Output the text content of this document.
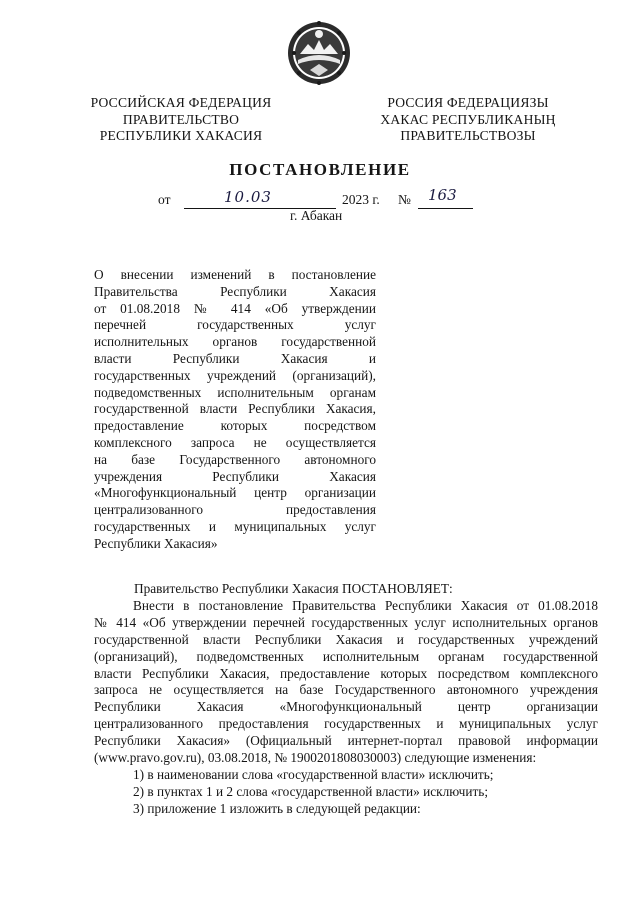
РОССИЙСКАЯ ФЕДЕРАЦИЯ
ПРАВИТЕЛЬСТВО
РЕСПУБЛИКИ ХАКАСИЯ
РОССИЯ ФЕДЕРАЦИЯЗЫ
ХАКАС РЕСПУБЛИКАНЫҢ
ПРАВИТЕЛЬСТВОЗЫ
ПОСТАНОВЛЕНИЕ
от	10.03	2023 г. № 163
г. Абакан
О внесении изменений в постановление
Правительства Республики Хакасия
от 01.08.2018 № 414 «Об утверждении
перечней государственных услуг
исполнительных органов государственной
власти Республики Хакасия и
государственных учреждений (организаций),
подведомственных исполнительным органам
государственной власти Республики Хакасия,
предоставление которых посредством
комплексного запроса не осуществляется
на базе Государственного автономного
учреждения Республики Хакасия
«Многофункциональный центр организации
централизованного предоставления
государственных и муниципальных услуг
Республики Хакасия»
Правительство Республики Хакасия ПОСТАНОВЛЯЕТ:
Внести в постановление Правительства Республики Хакасия от 01.08.2018
№ 414 «Об утверждении перечней государственных услуг исполнительных органов
государственной власти Республики Хакасия и государственных учреждений
(организаций), подведомственных исполнительным органам государственной
власти Республики Хакасия, предоставление которых посредством комплексного
запроса не осуществляется на базе Государственного автономного учреждения
Республики Хакасия «Многофункциональный центр организации
централизованного предоставления государственных и муниципальных услуг
Республики Хакасия» (Официальный интернет-портал правовой информации
(www.pravo.gov.ru), 03.08.2018, № 1900201808030003) следующие изменения:
1) в наименовании слова «государственной власти» исключить;
2) в пунктах 1 и 2 слова «государственной власти» исключить;
3) приложение 1 изложить в следующей редакции:
